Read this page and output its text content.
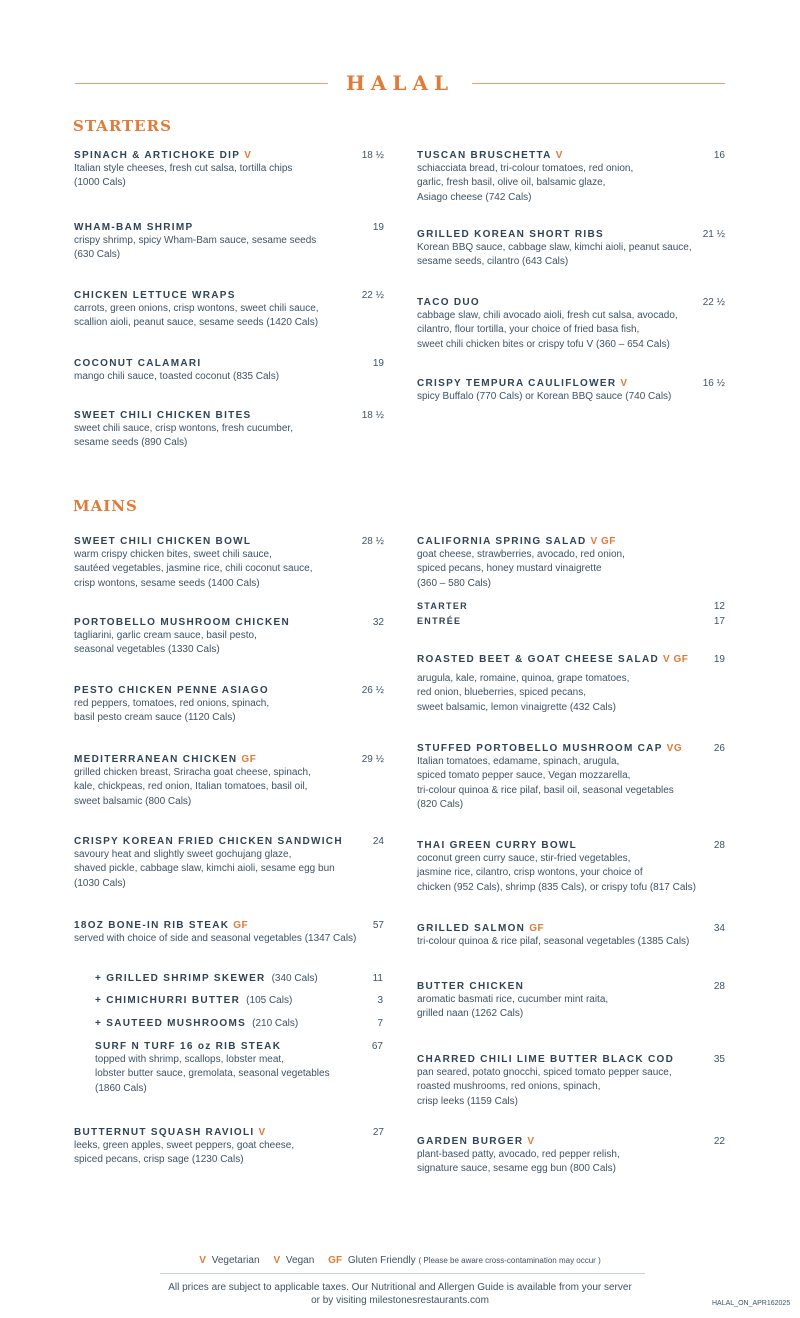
HALAL
STARTERS
SPINACH & ARTICHOKE DIP V	18 ½
Italian style cheeses, fresh cut salsa, tortilla chips
(1000 Cals)
WHAM-BAM SHRIMP	19
crispy shrimp, spicy Wham-Bam sauce, sesame seeds
(630 Cals)
CHICKEN LETTUCE WRAPS	22 ½
carrots, green onions, crisp wontons, sweet chili sauce,
scallion aioli, peanut sauce, sesame seeds (1420 Cals)
COCONUT CALAMARI	19
mango chili sauce, toasted coconut (835 Cals)
SWEET CHILI CHICKEN BITES	18 ½
sweet chili sauce, crisp wontons, fresh cucumber,
sesame seeds (890 Cals)
TUSCAN BRUSCHETTA V	16
schiacciata bread, tri-colour tomatoes, red onion,
garlic, fresh basil, olive oil, balsamic glaze,
Asiago cheese (742 Cals)
GRILLED KOREAN SHORT RIBS	21 ½
Korean BBQ sauce, cabbage slaw, kimchi aioli, peanut sauce,
sesame seeds, cilantro (643 Cals)
TACO DUO	22 ½
cabbage slaw, chili avocado aioli, fresh cut salsa, avocado,
cilantro, flour tortilla, your choice of fried basa fish,
sweet chili chicken bites or crispy tofu V (360 – 654 Cals)
CRISPY TEMPURA CAULIFLOWER V	16 ½
spicy Buffalo (770 Cals) or Korean BBQ sauce (740 Cals)
MAINS
SWEET CHILI CHICKEN BOWL	28 ½
warm crispy chicken bites, sweet chili sauce,
sautéed vegetables, jasmine rice, chili coconut sauce,
crisp wontons, sesame seeds (1400 Cals)
PORTOBELLO MUSHROOM CHICKEN	32
tagliarini, garlic cream sauce, basil pesto,
seasonal vegetables (1330 Cals)
PESTO CHICKEN PENNE ASIAGO	26 ½
red peppers, tomatoes, red onions, spinach,
basil pesto cream sauce (1120 Cals)
MEDITERRANEAN CHICKEN GF	29 ½
grilled chicken breast, Sriracha goat cheese, spinach,
kale, chickpeas, red onion, Italian tomatoes, basil oil,
sweet balsamic (800 Cals)
CRISPY KOREAN FRIED CHICKEN SANDWICH	24
savoury heat and slightly sweet gochujang glaze,
shaved pickle, cabbage slaw, kimchi aioli, sesame egg bun
(1030 Cals)
18OZ BONE-IN RIB STEAK GF	57
served with choice of side and seasonal vegetables (1347 Cals)
BUTTERNUT SQUASH RAVIOLI V	27
leeks, green apples, sweet peppers, goat cheese,
spiced pecans, crisp sage (1230 Cals)
+ GRILLED SHRIMP SKEWER (340 Cals)	11
+ CHIMICHURRI BUTTER (105 Cals)	3
+ SAUTEED MUSHROOMS (210 Cals)	7
SURF N TURF 16 oz RIB STEAK	67
topped with shrimp, scallops, lobster meat,
lobster butter sauce, gremolata, seasonal vegetables
(1860 Cals)
CALIFORNIA SPRING SALAD V GF
goat cheese, strawberries, avocado, red onion,
spiced pecans, honey mustard vinaigrette
(360 – 580 Cals)
STARTER	12
ENTRÉE	17
ROASTED BEET & GOAT CHEESE SALAD V GF	19
arugula, kale, romaine, quinoa, grape tomatoes,
red onion, blueberries, spiced pecans,
sweet balsamic, lemon vinaigrette (432 Cals)
STUFFED PORTOBELLO MUSHROOM CAP VG	26
Italian tomatoes, edamame, spinach, arugula,
spiced tomato pepper sauce, Vegan mozzarella,
tri-colour quinoa & rice pilaf, basil oil, seasonal vegetables
(820 Cals)
THAI GREEN CURRY BOWL	28
coconut green curry sauce, stir-fried vegetables,
jasmine rice, cilantro, crisp wontons, your choice of
chicken (952 Cals), shrimp (835 Cals), or crispy tofu (817 Cals)
GRILLED SALMON GF	34
tri-colour quinoa & rice pilaf, seasonal vegetables (1385 Cals)
BUTTER CHICKEN	28
aromatic basmati rice, cucumber mint raita,
grilled naan (1262 Cals)
CHARRED CHILI LIME BUTTER BLACK COD	35
pan seared, potato gnocchi, spiced tomato pepper sauce,
roasted mushrooms, red onions, spinach,
crisp leeks (1159 Cals)
GARDEN BURGER V	22
plant-based patty, avocado, red pepper relish,
signature sauce, sesame egg bun (800 Cals)
V Vegetarian V Vegan GF Gluten Friendly ( Please be aware cross-contamination may occur )
All prices are subject to applicable taxes. Our Nutritional and Allergen Guide is available from your server
or by visiting milestonesrestaurants.com	HALAL_ON_APR162025
